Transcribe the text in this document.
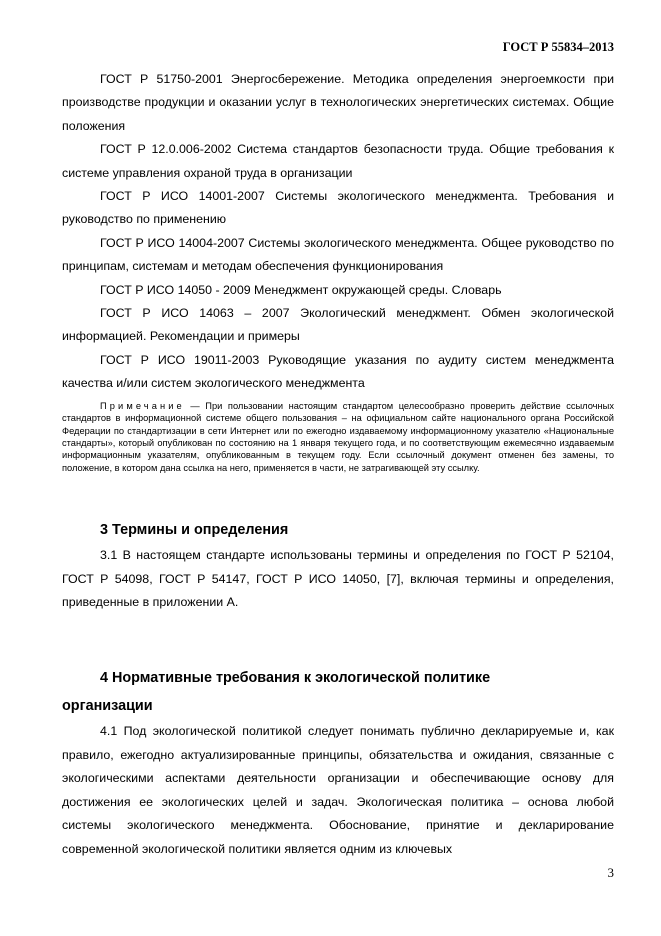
ГОСТ Р 55834–2013

ГОСТ Р 51750-2001 Энергосбережение. Методика определения энергоемкости при производстве продукции и оказании услуг в технологических энергетических системах. Общие положения

ГОСТ Р 12.0.006-2002 Система стандартов безопасности труда. Общие требования к системе управления охраной труда в организации

ГОСТ Р ИСО 14001-2007 Системы экологического менеджмента. Требования и руководство по применению

ГОСТ Р ИСО 14004-2007 Системы экологического менеджмента. Общее руководство по принципам, системам и методам обеспечения функционирования

ГОСТ Р ИСО 14050 - 2009 Менеджмент окружающей среды. Словарь

ГОСТ Р ИСО 14063 – 2007 Экологический менеджмент. Обмен экологической информацией. Рекомендации и примеры

ГОСТ Р ИСО 19011-2003 Руководящие указания по аудиту систем менеджмента качества и/или систем экологического менеджмента

Примечание — При пользовании настоящим стандартом целесообразно проверить действие ссылочных стандартов в информационной системе общего пользования – на официальном сайте национального органа Российской Федерации по стандартизации в сети Интернет или по ежегодно издаваемому информационному указателю «Национальные стандарты», который опубликован по состоянию на 1 января текущего года, и по соответствующим ежемесячно издаваемым информационным указателям, опубликованным в текущем году. Если ссылочный документ отменен без замены, то положение, в котором дана ссылка на него, применяется в части, не затрагивающей эту ссылку.

3 Термины и определения

3.1 В настоящем стандарте использованы термины и определения по ГОСТ Р 52104, ГОСТ Р 54098, ГОСТ Р 54147, ГОСТ Р ИСО 14050, [7], включая термины и определения, приведенные в приложении А.

4 Нормативные требования к экологической политике
организации

4.1 Под экологической политикой следует понимать публично декларируемые и, как правило, ежегодно актуализированные принципы, обязательства и ожидания, связанные с экологическими аспектами деятельности организации и обеспечивающие основу для достижения ее экологических целей и задач. Экологическая политика – основа любой системы экологического менеджмента. Обоснование, принятие и декларирование современной экологической политики является одним из ключевых

3
